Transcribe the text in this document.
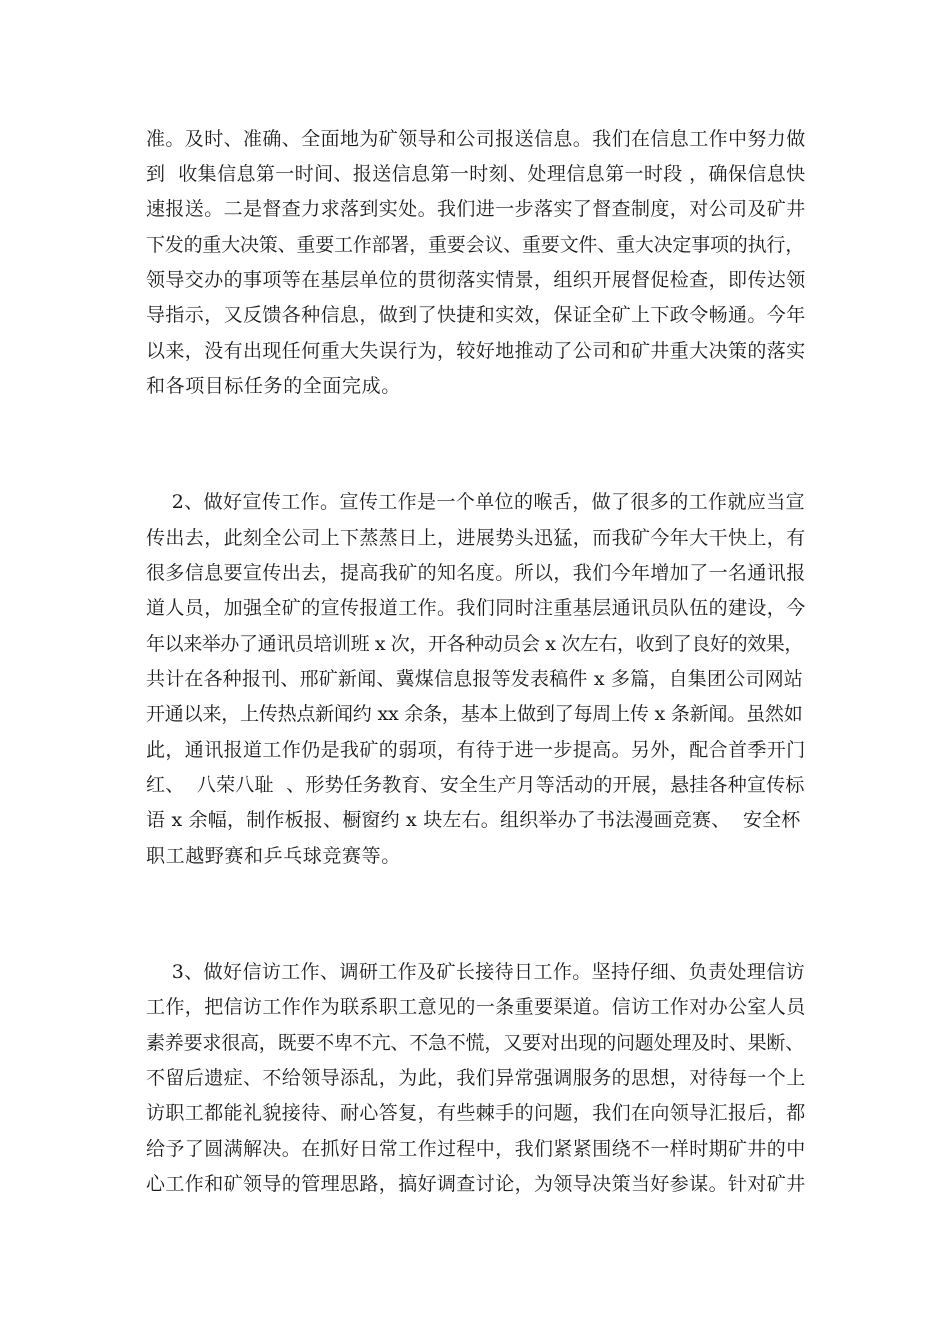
准。及时、准确、全面地为矿领导和公司报送信息。我们在信息工作中努力做
到  收集信息第一时间、报送信息第一时刻、处理信息第一时段 ，确保信息快
速报送。二是督查力求落到实处。我们进一步落实了督查制度，对公司及矿井
下发的重大决策、重要工作部署，重要会议、重要文件、重大决定事项的执行，
领导交办的事项等在基层单位的贯彻落实情景，组织开展督促检查，即传达领
导指示，又反馈各种信息，做到了快捷和实效，保证全矿上下政令畅通。今年
以来，没有出现任何重大失误行为，较好地推动了公司和矿井重大决策的落实
和各项目标任务的全面完成。
2、做好宣传工作。宣传工作是一个单位的喉舌，做了很多的工作就应当宣
传出去，此刻全公司上下蒸蒸日上，进展势头迅猛，而我矿今年大干快上，有
很多信息要宣传出去，提高我矿的知名度。所以，我们今年增加了一名通讯报
道人员，加强全矿的宣传报道工作。我们同时注重基层通讯员队伍的建设，今
年以来举办了通讯员培训班 x 次，开各种动员会 x 次左右，收到了良好的效果，
共计在各种报刊、邢矿新闻、冀煤信息报等发表稿件 x 多篇，自集团公司网站
开通以来，上传热点新闻约 xx 余条，基本上做到了每周上传 x 条新闻。虽然如
此，通讯报道工作仍是我矿的弱项，有待于进一步提高。另外，配合首季开门
红、  八荣八耻  、形势任务教育、安全生产月等活动的开展，悬挂各种宣传标
语 x 余幅，制作板报、橱窗约 x 块左右。组织举办了书法漫画竞赛、  安全杯
职工越野赛和乒乓球竞赛等。
3、做好信访工作、调研工作及矿长接待日工作。坚持仔细、负责处理信访
工作，把信访工作作为联系职工意见的一条重要渠道。信访工作对办公室人员
素养要求很高，既要不卑不亢、不急不慌，又要对出现的问题处理及时、果断、
不留后遗症、不给领导添乱，为此，我们异常强调服务的思想，对待每一个上
访职工都能礼貌接待、耐心答复，有些棘手的问题，我们在向领导汇报后，都
给予了圆满解决。在抓好日常工作过程中，我们紧紧围绕不一样时期矿井的中
心工作和矿领导的管理思路，搞好调查讨论，为领导决策当好参谋。针对矿井
